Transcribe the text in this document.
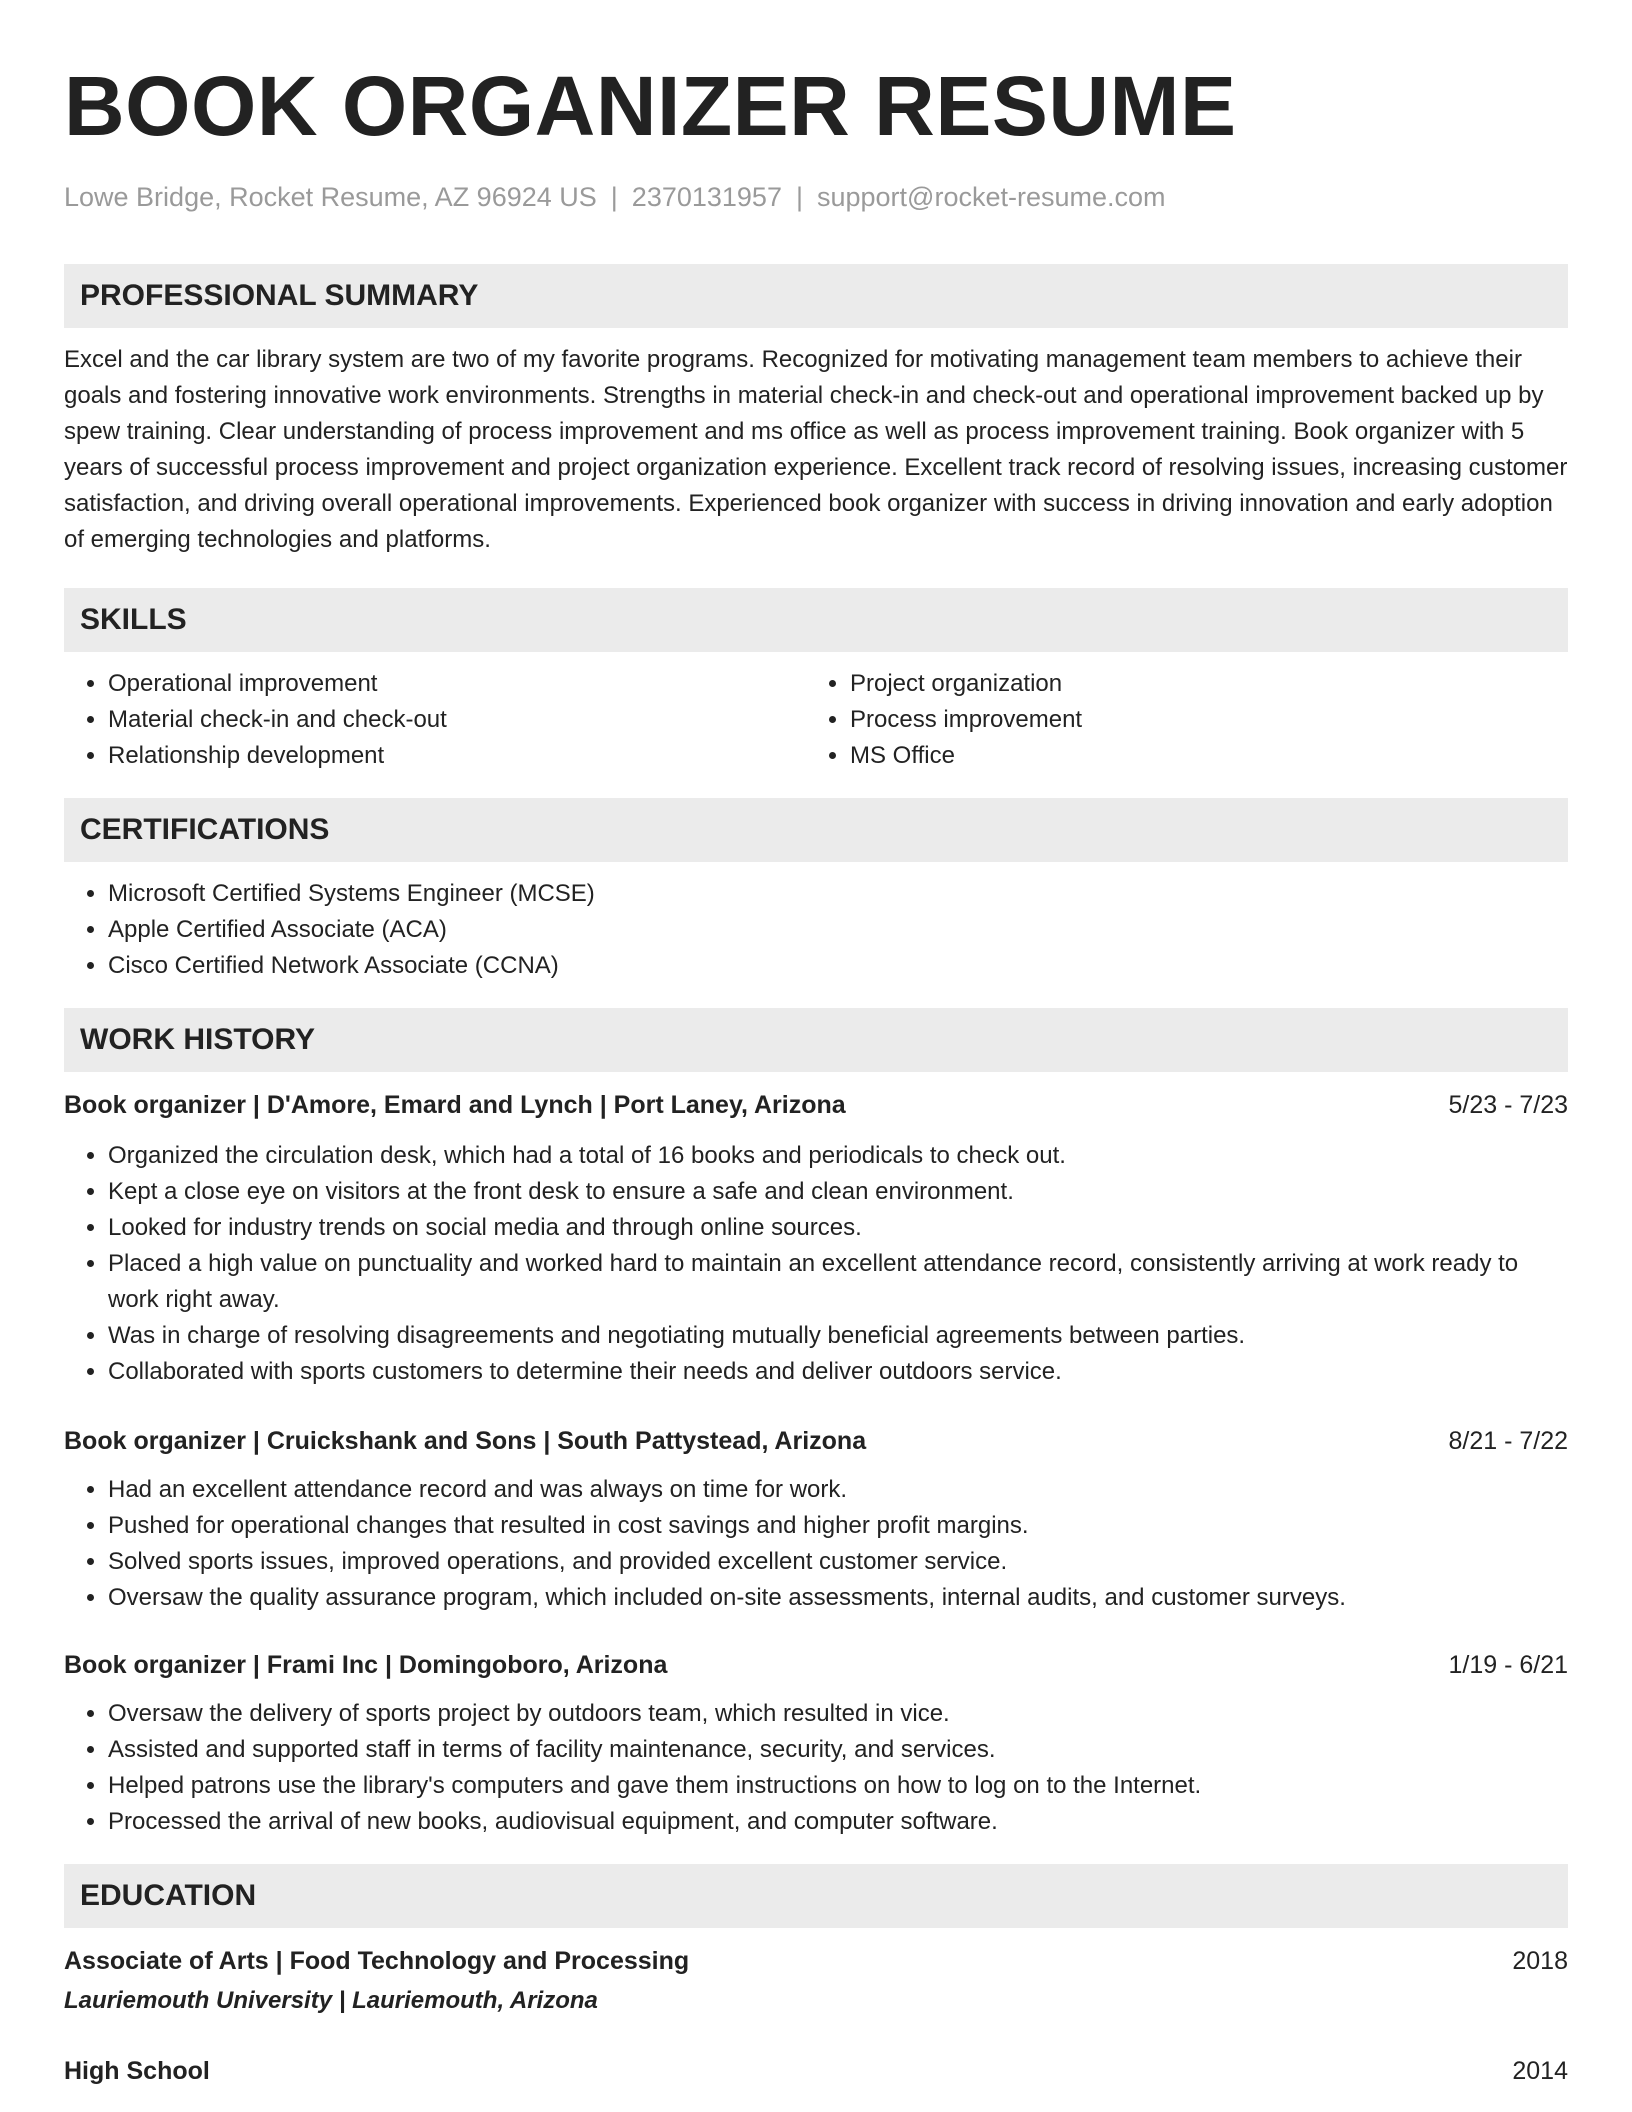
BOOK ORGANIZER RESUME
Lowe Bridge, Rocket Resume, AZ 96924 US | 2370131957 | support@rocket-resume.com
PROFESSIONAL SUMMARY

Excel and the car library system are two of my favorite programs. Recognized for motivating management team members to achieve their goals and fostering innovative work environments. Strengths in material check-in and check-out and operational improvement backed up by spew training. Clear understanding of process improvement and ms office as well as process improvement training. Book organizer with 5 years of successful process improvement and project organization experience. Excellent track record of resolving issues, increasing customer satisfaction, and driving overall operational improvements. Experienced book organizer with success in driving innovation and early adoption of emerging technologies and platforms.

SKILLS
• Operational improvement
• Material check-in and check-out
• Relationship development
• Project organization
• Process improvement
• MS Office
CERTIFICATIONS
• Microsoft Certified Systems Engineer (MCSE)
• Apple Certified Associate (ACA)
• Cisco Certified Network Associate (CCNA)
WORK HISTORY
Book organizer | D'Amore, Emard and Lynch | Port Laney, Arizona	5/23 - 7/23
• Organized the circulation desk, which had a total of 16 books and periodicals to check out.
• Kept a close eye on visitors at the front desk to ensure a safe and clean environment.
• Looked for industry trends on social media and through online sources.
• Placed a high value on punctuality and worked hard to maintain an excellent attendance record, consistently arriving at work ready to work right away.
• Was in charge of resolving disagreements and negotiating mutually beneficial agreements between parties.
• Collaborated with sports customers to determine their needs and deliver outdoors service.
Book organizer | Cruickshank and Sons | South Pattystead, Arizona	8/21 - 7/22
• Had an excellent attendance record and was always on time for work.
• Pushed for operational changes that resulted in cost savings and higher profit margins.
• Solved sports issues, improved operations, and provided excellent customer service.
• Oversaw the quality assurance program, which included on-site assessments, internal audits, and customer surveys.
Book organizer | Frami Inc | Domingoboro, Arizona	1/19 - 6/21
• Oversaw the delivery of sports project by outdoors team, which resulted in vice.
• Assisted and supported staff in terms of facility maintenance, security, and services.
• Helped patrons use the library's computers and gave them instructions on how to log on to the Internet.
• Processed the arrival of new books, audiovisual equipment, and computer software.
EDUCATION
Associate of Arts | Food Technology and Processing	2018
Lauriemouth University | Lauriemouth, Arizona
High School	2014
